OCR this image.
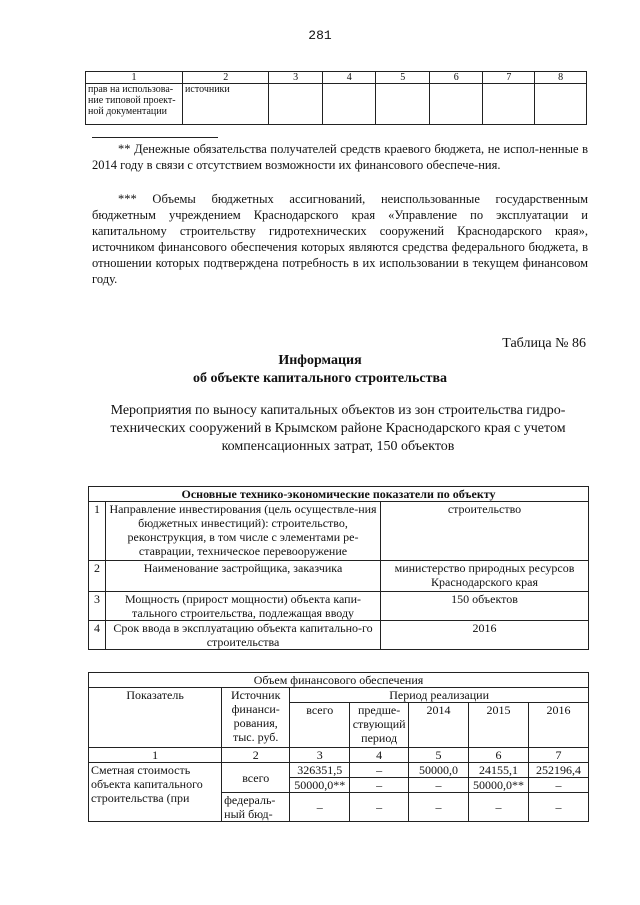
281
1	2	3	4	5	6	7	8
прав на использова-ние типовой проект-ной документации	источники						

** Денежные обязательства получателей средств краевого бюджета, не испол-ненные в 2014 году в связи с отсутствием возможности их финансового обеспече-ния.

*** Объемы бюджетных ассигнований, неиспользованные государственным бюджетным учреждением Краснодарского края «Управление по эксплуатации и капитальному строительству гидротехнических сооружений Краснодарского края», источником финансового обеспечения которых являются средства федерального бюджета, в отношении которых подтверждена потребность в их использовании в текущем финансовом году.

Таблица № 86
Информация
об объекте капитального строительства
Мероприятия по выносу капитальных объектов из зон строительства гидро-технических сооружений в Крымском районе Краснодарского края с учетом компенсационных затрат, 150 объектов
Основные технико-экономические показатели по объекту		
1	Направление инвестирования (цель осуществле-ния бюджетных инвестиций): строительство, реконструкция, в том числе с элементами ре-ставрации, техническое перевооружение	строительство
2	Наименование застройщика, заказчика	министерство природных ресурсов Краснодарского края
3	Мощность (прирост мощности) объекта капи-тального строительства, подлежащая вводу	150 объектов
4	Срок ввода в эксплуатацию объекта капитально-го строительства	2016
Объем финансового обеспечения						
Показатель	Источник финанси-рования, тыс. руб.	Период реализации				
		всего	предше-ствующий период	2014	2015	2016
1	2	3	4	5	6	7
Сметная стоимость объекта капитального строительства (при	всего	326351,5	–	50000,0	24155,1	252196,4
		50000,0**	–	–	50000,0**	–
	федераль-ный бюд-	–	–	–	–	–
